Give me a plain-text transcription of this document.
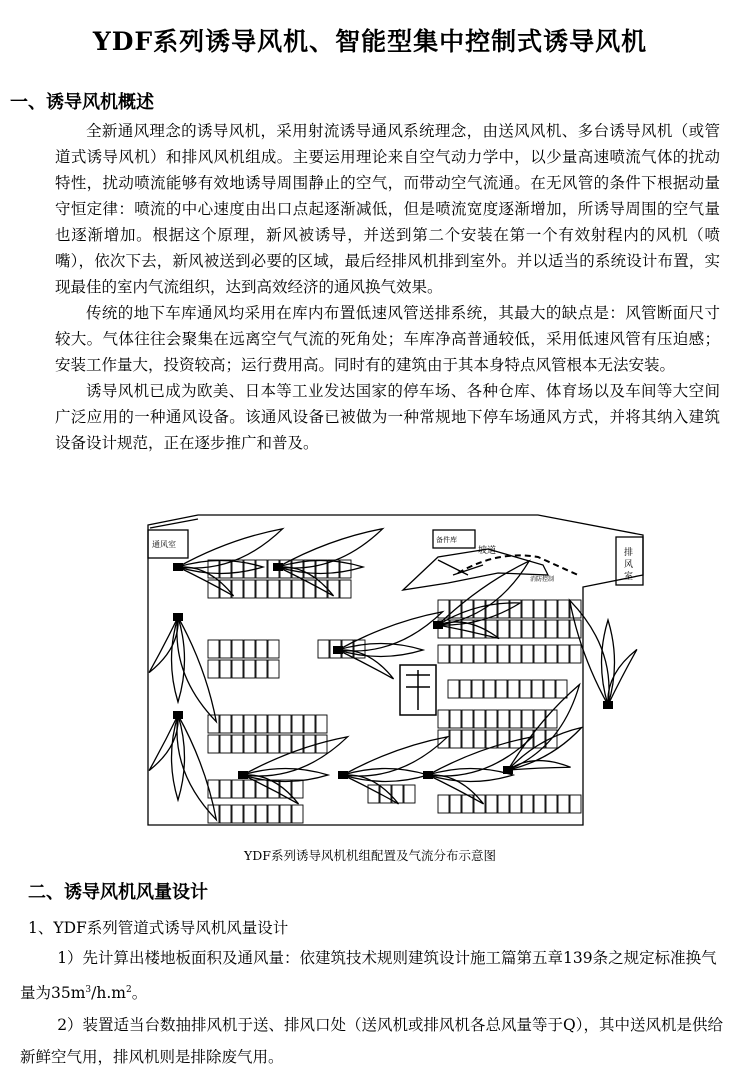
YDF系列诱导风机、智能型集中控制式诱导风机
一、诱导风机概述

全新通风理念的诱导风机，采用射流诱导通风系统理念，由送风风机、多台诱导风机（或管道式诱导风机）和排风风机组成。主要运用理论来自空气动力学中，以少量高速喷流气体的扰动特性，扰动喷流能够有效地诱导周围静止的空气，而带动空气流通。在无风管的条件下根据动量守恒定律：喷流的中心速度由出口点起逐渐减低，但是喷流宽度逐渐增加，所诱导周围的空气量也逐渐增加。根据这个原理，新风被诱导，并送到第二个安装在第一个有效射程内的风机（喷嘴），依次下去，新风被送到必要的区域，最后经排风机排到室外。并以适当的系统设计布置，实现最佳的室内气流组织，达到高效经济的通风换气效果。

传统的地下车库通风均采用在库内布置低速风管送排系统，其最大的缺点是：风管断面尺寸较大。气体往往会聚集在远离空气气流的死角处；车库净高普通较低，采用低速风管有压迫感；安装工作量大，投资较高；运行费用高。同时有的建筑由于其本身特点风管根本无法安装。

诱导风机已成为欧美、日本等工业发达国家的停车场、各种仓库、体育场以及车间等大空间广泛应用的一种通风设备。该通风设备已被做为一种常规地下停车场通风方式，并将其纳入建筑设备设计规范，正在逐步推广和普及。

通风室	备件库
坡道
消防控制
排
风
室
YDF系列诱导风机机组配置及气流分布示意图
二、诱导风机风量设计
1、YDF系列管道式诱导风机风量设计

1）先计算出楼地板面积及通风量：依建筑技术规则建筑设计施工篇第五章139条之规定标准换气量为$35m^3/h.m^2$。

2）装置适当台数抽排风机于送、排风口处（送风机或排风机各总风量等于Q），其中送风机是供给新鲜空气用，排风机则是排除废气用。
